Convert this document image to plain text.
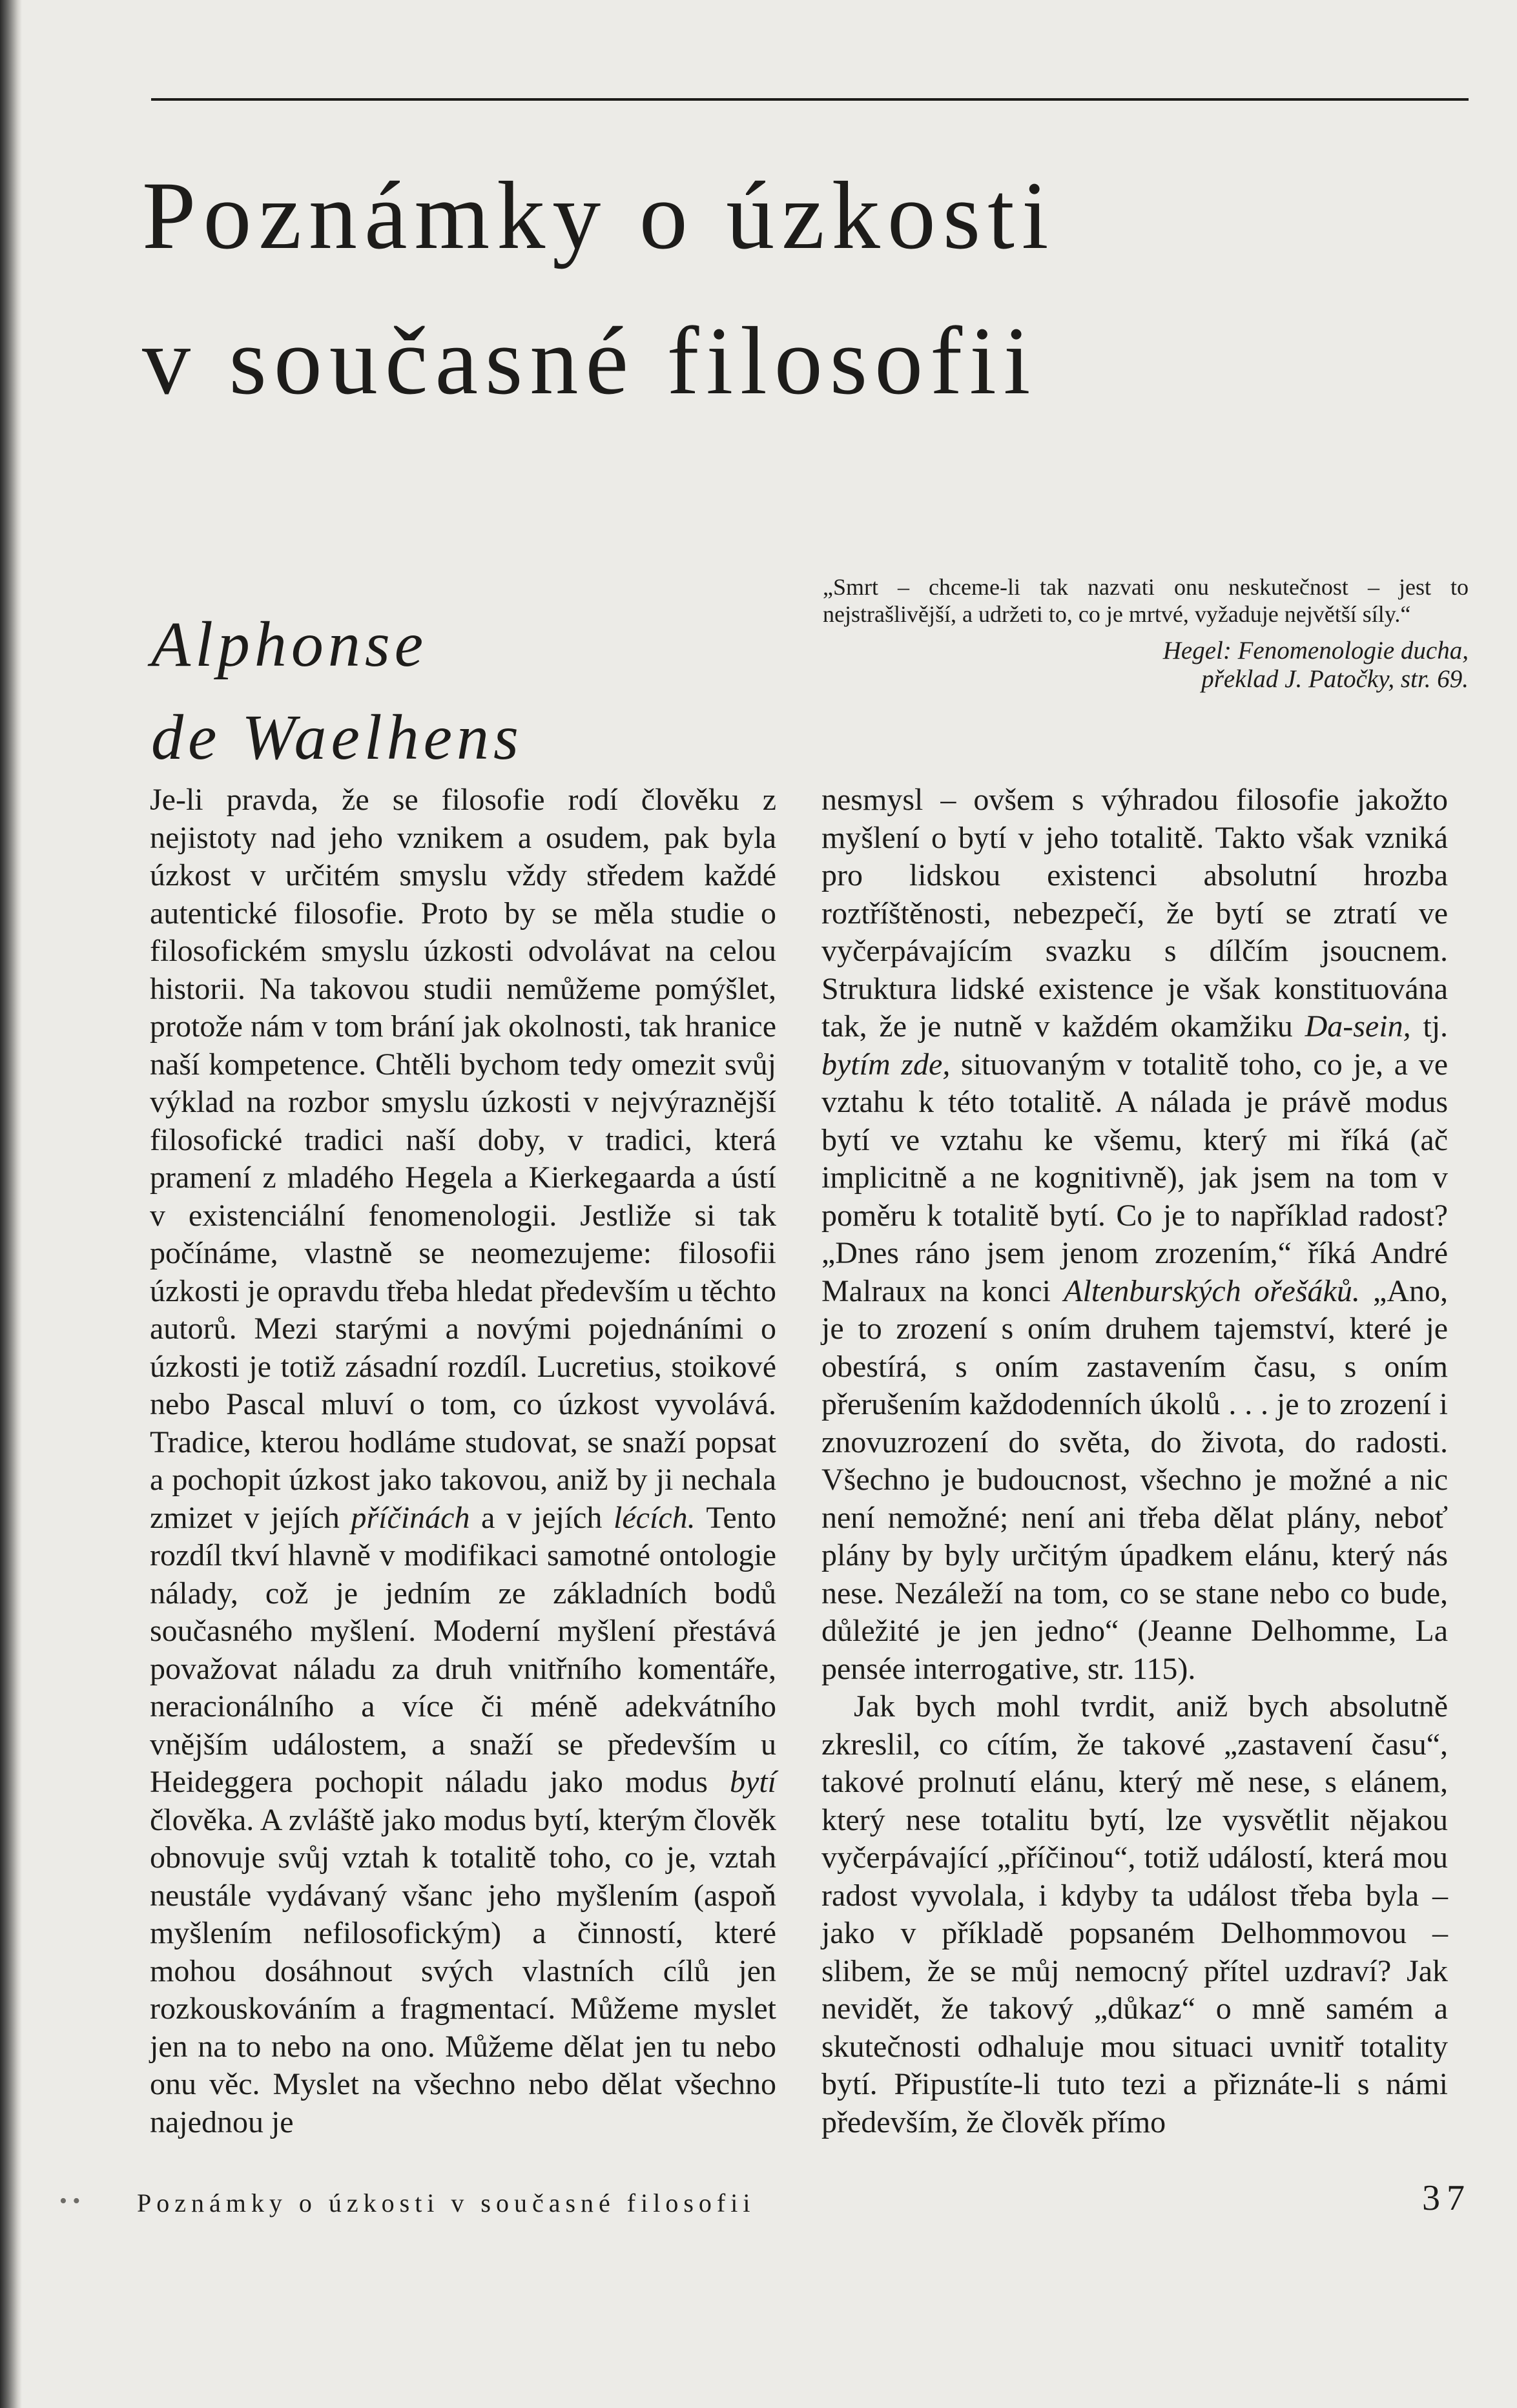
Poznámky o úzkosti
v současné filosofii
Alphonse
de Waelhens
„Smrt – chceme-li tak nazvati onu neskutečnost – jest to nejstrašlivější, a udržeti to, co je mrtvé, vyžaduje největší síly.“
Hegel: Fenomenologie ducha,
překlad J. Patočky, str. 69.

Je-li pravda, že se filosofie rodí člověku z nejistoty nad jeho vznikem a osudem, pak byla úzkost v určitém smyslu vždy středem každé autentické filosofie. Proto by se měla studie o filosofickém smyslu úzkosti odvolávat na celou historii. Na takovou studii nemůžeme pomýšlet, protože nám v tom brání jak okolnosti, tak hranice naší kompetence. Chtěli bychom tedy omezit svůj výklad na rozbor smyslu úzkosti v nejvýraznější filosofické tradici naší doby, v tradici, která pramení z mladého Hegela a Kierkegaarda a ústí v existenciální fenomenologii. Jestliže si tak počínáme, vlastně se neomezujeme: filosofii úzkosti je opravdu třeba hledat především u těchto autorů. Mezi starými a novými pojednáními o úzkosti je totiž zásadní rozdíl. Lucretius, stoikové nebo Pascal mluví o tom, co úzkost vyvolává. Tradice, kterou hodláme studovat, se snaží popsat a pochopit úzkost jako takovou, aniž by ji nechala zmizet v jejích příčinách a v jejích lécích. Tento rozdíl tkví hlavně v modifikaci samotné ontologie nálady, což je jedním ze základních bodů současného myšlení. Moderní myšlení přestává považovat náladu za druh vnitřního komentáře, neracionálního a více či méně adekvátního vnějším událostem, a snaží se především u Heideggera pochopit náladu jako modus bytí člověka. A zvláště jako modus bytí, kterým člověk obnovuje svůj vztah k totalitě toho, co je, vztah neustále vydávaný všanc jeho myšlením (aspoň myšlením nefilosofickým) a činností, které mohou dosáhnout svých vlastních cílů jen rozkouskováním a fragmentací. Můžeme myslet jen na to nebo na ono. Můžeme dělat jen tu nebo onu věc. Myslet na všechno nebo dělat všechno najednou je

nesmysl – ovšem s výhradou filosofie jakožto myšlení o bytí v jeho totalitě. Takto však vzniká pro lidskou existenci absolutní hrozba roztříštěnosti, nebezpečí, že bytí se ztratí ve vyčerpávajícím svazku s dílčím jsoucnem. Struktura lidské existence je však konstituována tak, že je nutně v každém okamžiku Da-sein, tj. bytím zde, situovaným v totalitě toho, co je, a ve vztahu k této totalitě. A nálada je právě modus bytí ve vztahu ke všemu, který mi říká (ač implicitně a ne kognitivně), jak jsem na tom v poměru k totalitě bytí. Co je to například radost? „Dnes ráno jsem jenom zrozením,“ říká André Malraux na konci Altenburských ořešáků. „Ano, je to zrození s oním druhem tajemství, které je obestírá, s oním zastavením času, s oním přerušením každodenních úkolů . . . je to zrození i znovuzrození do světa, do života, do radosti. Všechno je budoucnost, všechno je možné a nic není nemožné; není ani třeba dělat plány, neboť plány by byly určitým úpadkem elánu, který nás nese. Nezáleží na tom, co se stane nebo co bude, důležité je jen jedno“ (Jeanne Delhomme, La pensée interrogative, str. 115).

Jak bych mohl tvrdit, aniž bych absolutně zkreslil, co cítím, že takové „zastavení času“, takové prolnutí elánu, který mě nese, s elánem, který nese totalitu bytí, lze vysvětlit nějakou vyčerpávající „příčinou“, totiž událostí, která mou radost vyvolala, i kdyby ta událost třeba byla – jako v příkladě popsaném Delhommovou – slibem, že se můj nemocný přítel uzdraví? Jak nevidět, že takový „důkaz“ o mně samém a skutečnosti odhaluje mou situaci uvnitř totality bytí. Připustíte-li tuto tezi a přiznáte-li s námi především, že člověk přímo

• • Poznámky o úzkosti v současné filosofii	37
